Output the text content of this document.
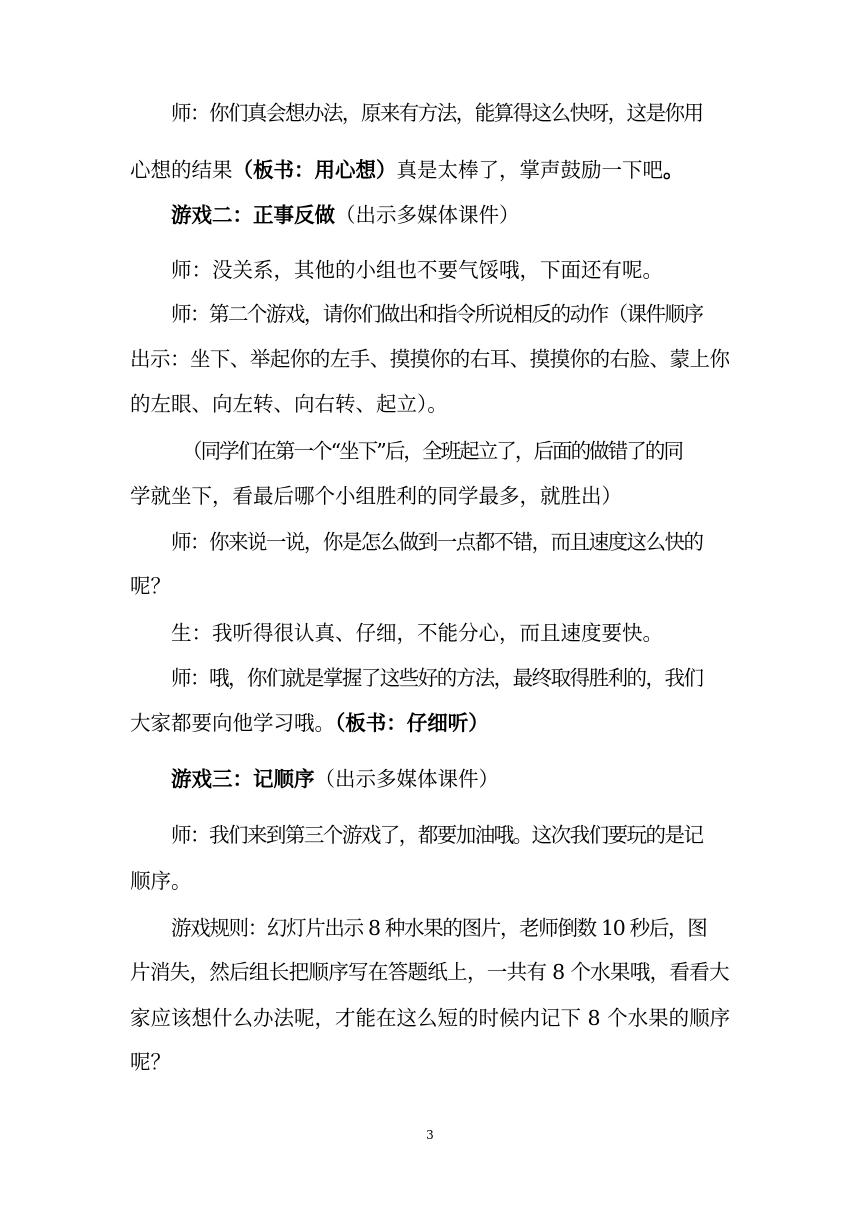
师：你们真会想办法，原来有方法，能算得这么快呀，这是你用
心想的结果（板书：用心想）真是太棒了，掌声鼓励一下吧。
游戏二：正事反做（出示多媒体课件）
师：没关系，其他的小组也不要气馁哦，下面还有呢。
师：第二个游戏，请你们做出和指令所说相反的动作（课件顺序
出示：坐下、举起你的左手、摸摸你的右耳、摸摸你的右脸、蒙上你
的左眼、向左转、向右转、起立）。
（同学们在第一个“坐下”后，全班起立了，后面的做错了的同
学就坐下，看最后哪个小组胜利的同学最多，就胜出）
师：你来说一说，你是怎么做到一点都不错，而且速度这么快的
呢？
生：我听得很认真、仔细，不能分心，而且速度要快。
师：哦，你们就是掌握了这些好的方法，最终取得胜利的，我们
大家都要向他学习哦。（板书：仔细听）
游戏三：记顺序（出示多媒体课件）
师：我们来到第三个游戏了，都要加油哦。这次我们要玩的是记
顺序。
游戏规则：幻灯片出示 8 种水果的图片，老师倒数 10 秒后，图
片消失，然后组长把顺序写在答题纸上，一共有 8 个水果哦，看看大
家应该想什么办法呢，才能在这么短的时候内记下 8 个水果的顺序
呢？
3
